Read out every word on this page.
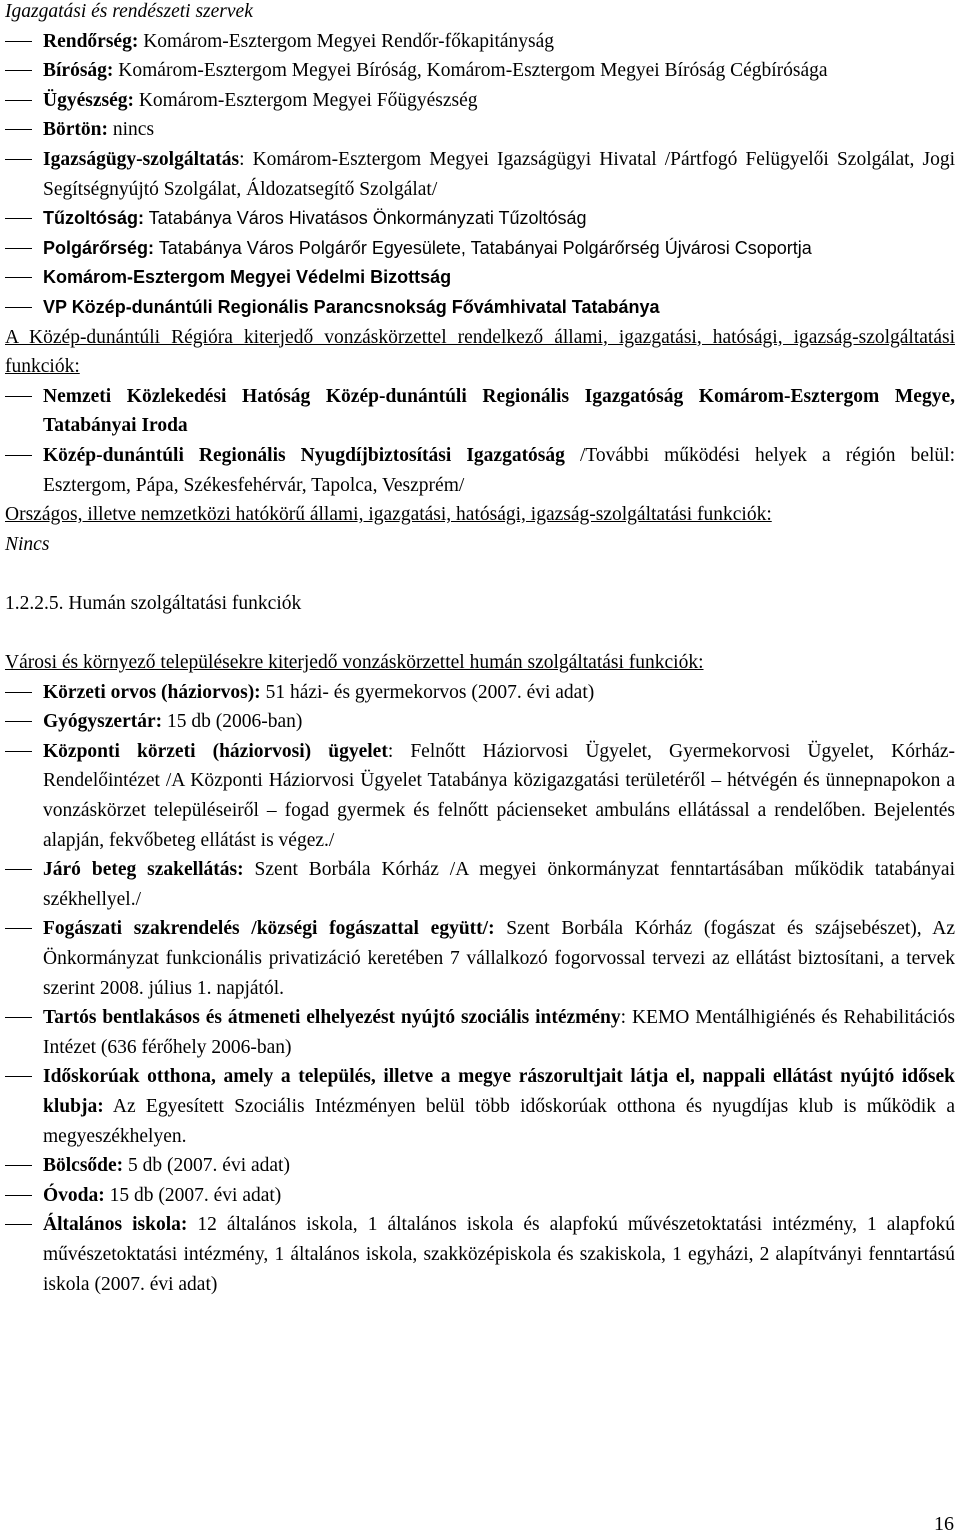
Igazgatási és rendészeti szervek

Rendőrség: Komárom-Esztergom Megyei Rendőr-főkapitányság
Bíróság: Komárom-Esztergom Megyei Bíróság, Komárom-Esztergom Megyei Bíróság Cégbírósága
Ügyészség: Komárom-Esztergom Megyei Főügyészség
Börtön: nincs
Igazságügy-szolgáltatás: Komárom-Esztergom Megyei Igazságügyi Hivatal /Pártfogó Felügyelői Szolgálat, Jogi Segítségnyújtó Szolgálat, Áldozatsegítő Szolgálat/
Tűzoltóság: Tatabánya Város Hivatásos Önkormányzati Tűzoltóság
Polgárőrség: Tatabánya Város Polgárőr Egyesülete, Tatabányai Polgárőrség Újvárosi Csoportja
Komárom-Esztergom Megyei Védelmi Bizottság
VP Közép-dunántúli Regionális Parancsnokság Fővámhivatal Tatabánya

A Közép-dunántúli Régióra kiterjedő vonzáskörzettel rendelkező állami, igazgatási, hatósági, igazság-szolgáltatási funkciók:

Nemzeti Közlekedési Hatóság Közép-dunántúli Regionális Igazgatóság Komárom-Esztergom Megye, Tatabányai Iroda
Közép-dunántúli Regionális Nyugdíjbiztosítási Igazgatóság /További működési helyek a régión belül: Esztergom, Pápa, Székesfehérvár, Tapolca, Veszprém/

Országos, illetve nemzetközi hatókörű állami, igazgatási, hatósági, igazság-szolgáltatási funkciók:

Nincs

1.2.2.5. Humán szolgáltatási funkciók

Városi és környező településekre kiterjedő vonzáskörzettel humán szolgáltatási funkciók:

Körzeti orvos (háziorvos): 51 házi- és gyermekorvos (2007. évi adat)
Gyógyszertár: 15 db (2006-ban)
Központi körzeti (háziorvosi) ügyelet: Felnőtt Háziorvosi Ügyelet, Gyermekorvosi Ügyelet, Kórház-Rendelőintézet /A Központi Háziorvosi Ügyelet Tatabánya közigazgatási területéről – hétvégén és ünnepnapokon a vonzáskörzet településeiről – fogad gyermek és felnőtt pácienseket ambuláns ellátással a rendelőben. Bejelentés alapján, fekvőbeteg ellátást is végez./
Járó beteg szakellátás: Szent Borbála Kórház /A megyei önkormányzat fenntartásában működik tatabányai székhellyel./
Fogászati szakrendelés /községi fogászattal együtt/: Szent Borbála Kórház (fogászat és szájsebészet), Az Önkormányzat funkcionális privatizáció keretében 7 vállalkozó fogorvossal tervezi az ellátást biztosítani, a tervek szerint 2008. július 1. napjától.
Tartós bentlakásos és átmeneti elhelyezést nyújtó szociális intézmény: KEMO Mentálhigiénés és Rehabilitációs Intézet (636 férőhely 2006-ban)
Időskorúak otthona, amely a település, illetve a megye rászorultjait látja el, nappali ellátást nyújtó idősek klubja: Az Egyesített Szociális Intézményen belül több időskorúak otthona és nyugdíjas klub is működik a megyeszékhelyen.
Bölcsőde: 5 db (2007. évi adat)
Óvoda: 15 db (2007. évi adat)
Általános iskola: 12 általános iskola, 1 általános iskola és alapfokú művészetoktatási intézmény, 1 alapfokú művészetoktatási intézmény, 1 általános iskola, szakközépiskola és szakiskola, 1 egyházi, 2 alapítványi fenntartású iskola (2007. évi adat)
16
